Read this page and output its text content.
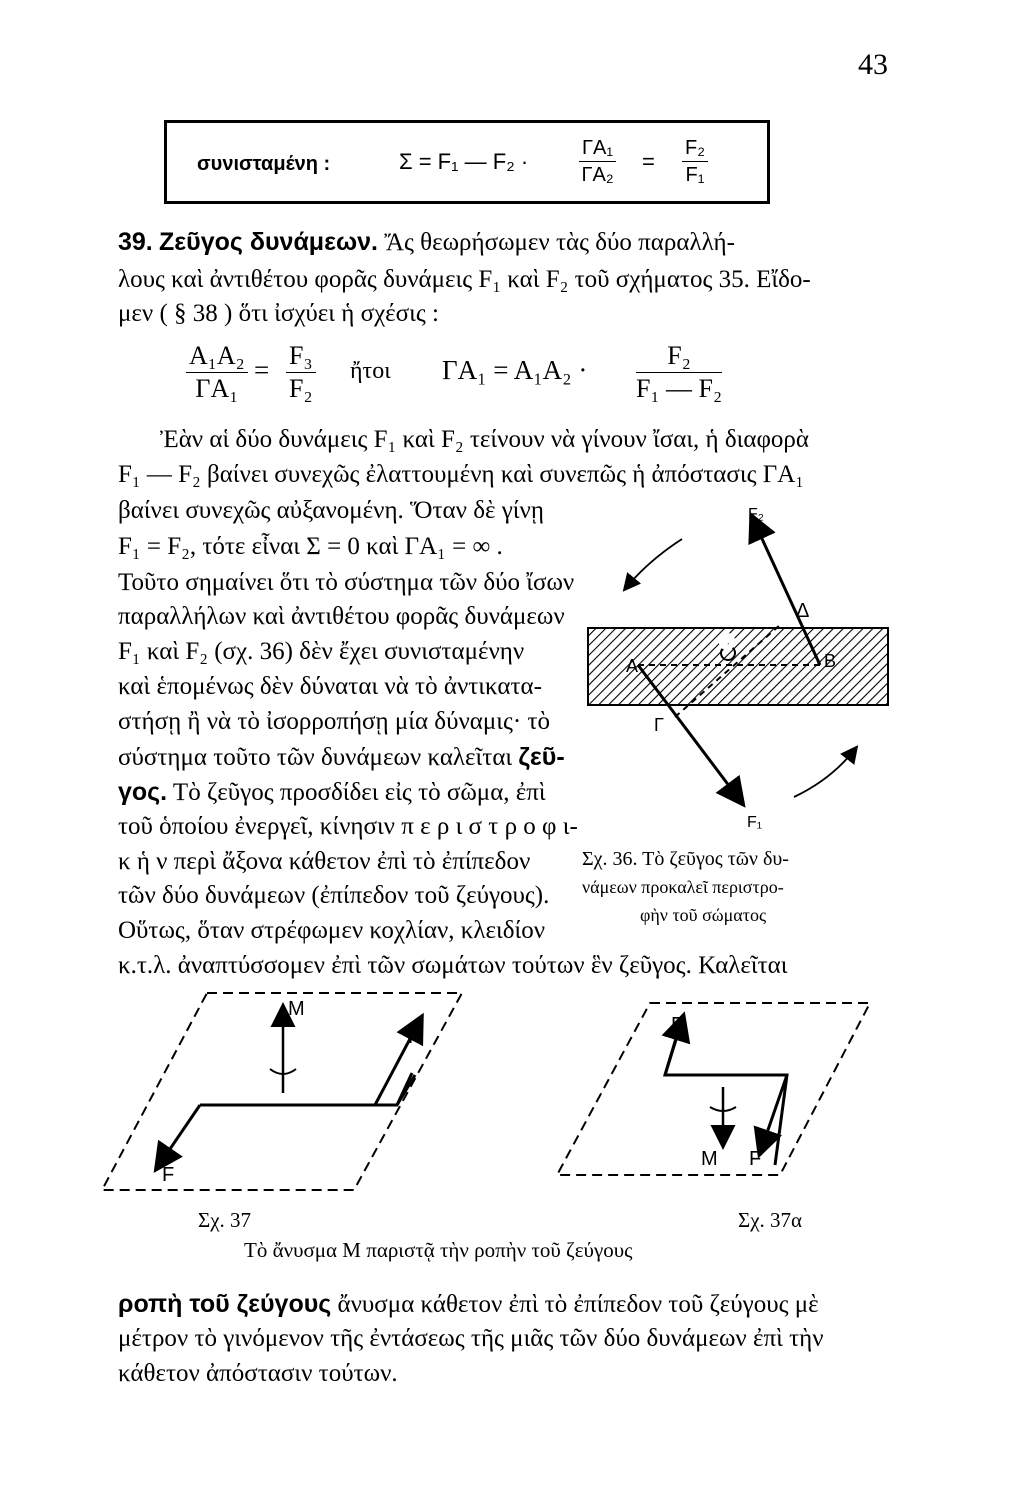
43
συνισταμένη :	Σ = F₁ — F₂ ·	$\frac{\text{ΓA₁}}{\text{ΓA₂}} = \frac{\text{F₂}}{\text{F₁}}$
39. Ζεῦγος δυνάμεων. Ἄς θεωρήσωμεν τὰς δύο παραλλή-
λους καὶ ἀντιθέτου φορᾶς δυνάμεις F₁ καὶ F₂ τοῦ σχήματος 35. Εἴδο-
μεν ( § 38 ) ὅτι ἰσχύει ἡ σχέσις :
$\frac{\text{A₁A₂}}{\text{ΓA₁}} = \frac{\text{F₃}}{\text{F₂}}$ ἤτοι $\Gamma A_1 = A_1A_2 \cdot \frac{\text{F₂}}{\text{F₁ — F₂}}$
Ἐὰν αἱ δύο δυνάμεις F₁ καὶ F₂ τείνουν νὰ γίνουν ἴσαι, ἡ διαφορὰ
F₁ — F₂ βαίνει συνεχῶς ἐλαττουμένη καὶ συνεπῶς ἡ ἀπόστασις ΓA₁
βαίνει συνεχῶς αὐξανομένη. Ὅταν δὲ γίνῃ
F₁ = F₂, τότε εἶναι Σ = 0 καὶ ΓA₁ = ∞ .
Τοῦτο σημαίνει ὅτι τὸ σύστημα τῶν δύο ἴσων
παραλλήλων καὶ ἀντιθέτου φορᾶς δυνάμεων
F₁ καὶ F₂ (σχ. 36) δὲν ἔχει συνισταμένην
καὶ ἑπομένως δὲν δύναται νὰ τὸ ἀντικατα-
στήσῃ ἢ νὰ τὸ ἰσορροπήσῃ μία δύναμις· τὸ
σύστημα τοῦτο τῶν δυνάμεων καλεῖται ζεῦ-
γος. Τὸ ζεῦγος προσδίδει εἰς τὸ σῶμα, ἐπὶ
τοῦ ὁποίου ἐνεργεῖ, κίνησιν π ε ρ ι σ τ ρ ο φ ι-
κ ἡ ν περὶ ἄξονα κάθετον ἐπὶ τὸ ἐπίπεδον
τῶν δύο δυνάμεων (ἐπίπεδον τοῦ ζεύγους).
Οὕτως, ὅταν στρέφωμεν κοχλίαν, κλειδίον
κ.τ.λ. ἀναπτύσσομεν ἐπὶ τῶν σωμάτων τούτων ἓν ζεῦγος. Καλεῖται
F₂
F₁
Δ
O
A	B
Γ
Σχ. 36. Τὸ ζεῦγος τῶν δυ-
νάμεων προκαλεῖ περιστρο-
φὴν τοῦ σώματος
M
F
F
Σχ. 37
F
M F
Σχ. 37α
Τὸ ἄνυσμα M παριστᾷ τὴν ροπὴν τοῦ ζεύγους
ροπὴ τοῦ ζεύγους ἄνυσμα κάθετον ἐπὶ τὸ ἐπίπεδον τοῦ ζεύγους μὲ
μέτρον τὸ γινόμενον τῆς ἐντάσεως τῆς μιᾶς τῶν δύο δυνάμεων ἐπὶ τὴν
κάθετον ἀπόστασιν τούτων.
